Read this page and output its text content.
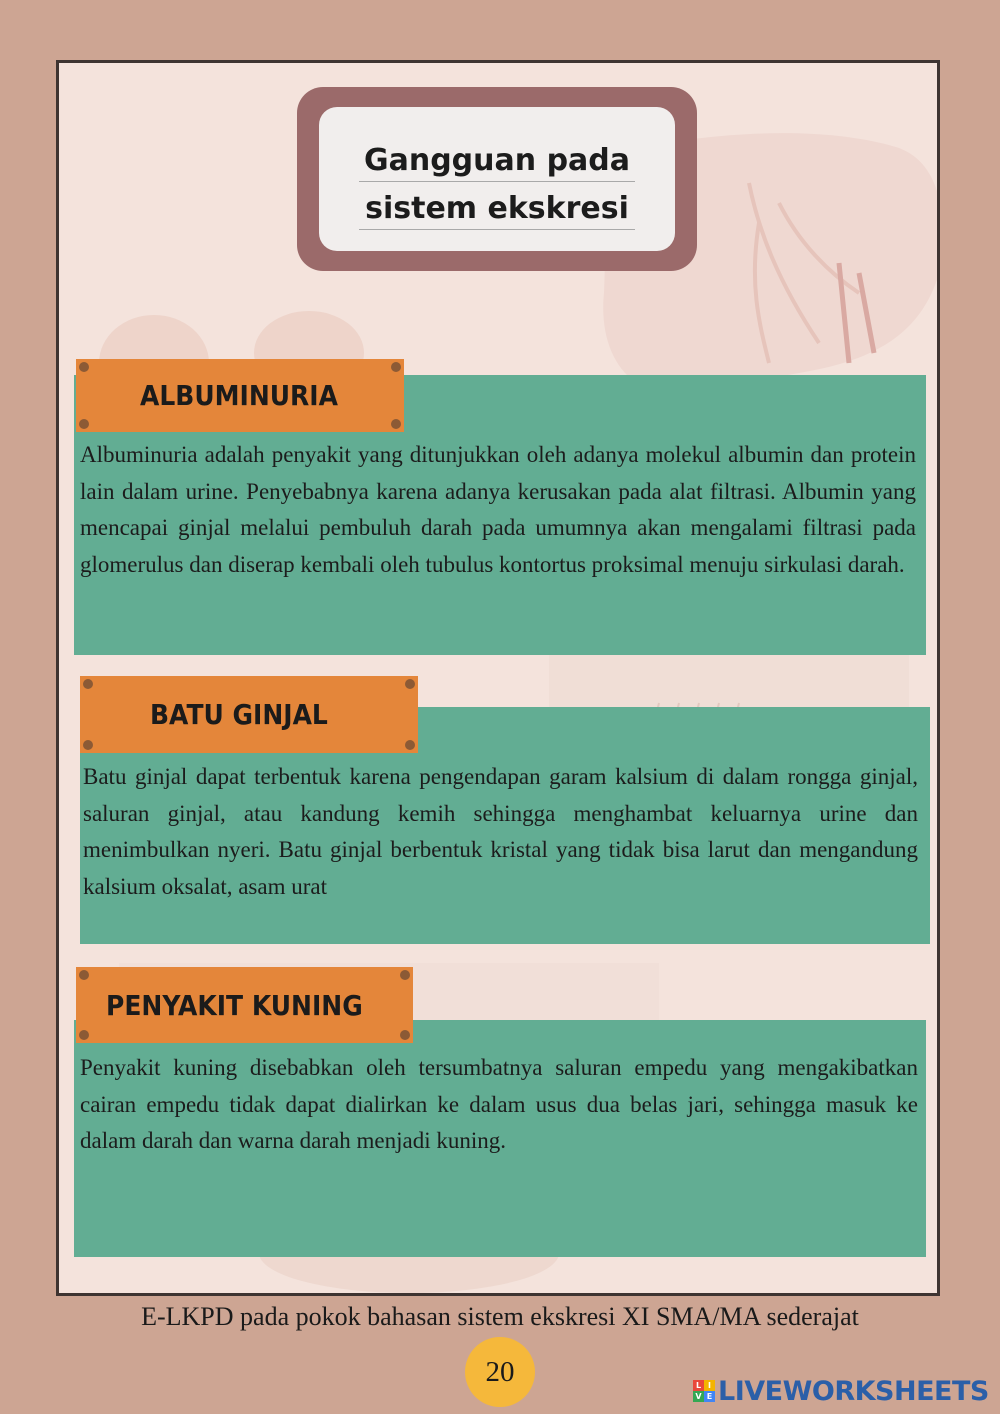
Gangguan pada
sistem ekskresi

Albuminuria adalah penyakit yang ditunjukkan oleh adanya molekul albumin dan protein lain dalam urine. Penyebabnya karena adanya kerusakan pada alat filtrasi. Albumin yang mencapai ginjal melalui pembuluh darah pada umumnya akan mengalami filtrasi pada glomerulus dan diserap kembali oleh tubulus kontortus proksimal menuju sirkulasi darah.

ALBUMINURIA

Batu ginjal dapat terbentuk karena pengendapan garam kalsium di dalam rongga ginjal, saluran ginjal, atau kandung kemih sehingga menghambat keluarnya urine dan menimbulkan nyeri. Batu ginjal berbentuk kristal yang tidak bisa larut dan mengandung kalsium oksalat, asam urat

BATU GINJAL

Penyakit kuning disebabkan oleh tersumbatnya saluran empedu yang mengakibatkan cairan empedu tidak dapat dialirkan ke dalam usus dua belas jari, sehingga masuk ke dalam darah dan warna darah menjadi kuning.

PENYAKIT KUNING
E-LKPD pada pokok bahasan sistem ekskresi XI SMA/MA sederajat
20	L I
V E LIVEWORKSHEETS
